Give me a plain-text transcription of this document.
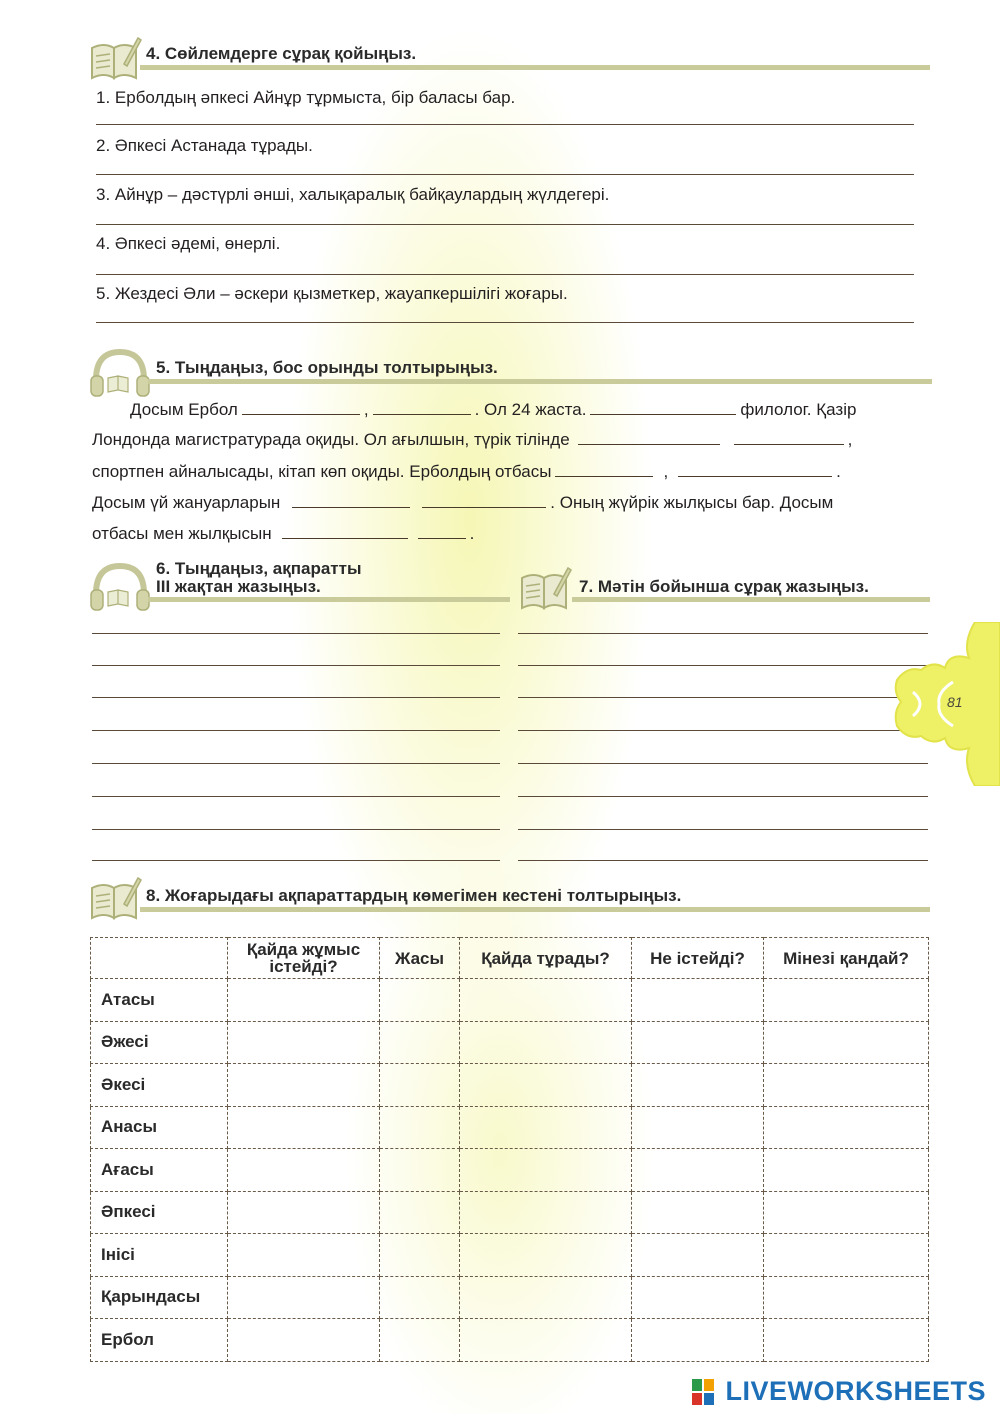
4. Сөйлемдерге сұрақ қойыңыз.
1. Ерболдың әпкесі Айнұр тұрмыста, бір баласы бар.
2. Әпкесі Астанада тұрады.
3. Айнұр – дәстүрлі әнші, халықаралық байқаулардың жүлдегері.
4. Әпкесі әдемі, өнерлі.
5. Жездесі Әли – әскери қызметкер, жауапкершілігі жоғары.
5. Тыңдаңыз, бос орынды толтырыңыз.
Досым Ербол	,	. Ол 24 жаста.	филолог. Қазір
Лондонда магистратурада оқиды. Ол ағылшын, түрік тілінде	,
спортпен айналысады, кітап көп оқиды. Ерболдың отбасы	,	.
Досым үй жануарларын	. Оның жүйрік жылқысы бар. Досым
отбасы мен жылқысын	.
6. Тыңдаңыз, ақпаратты
ІІІ жақтан жазыңыз.	7. Мәтін бойынша сұрақ жазыңыз.
81
8. Жоғарыдағы ақпараттардың көмегімен кестені толтырыңыз.
	Қайда жұмыс істейді?	Жасы	Қайда тұрады?	Не істейді?	Мінезі қандай?
Атасы					
Әжесі					
Әкесі					
Анасы					
Ағасы					
Әпкесі					
Інісі					
Қарындасы					
Ербол					
LIVEWORKSHEETS
